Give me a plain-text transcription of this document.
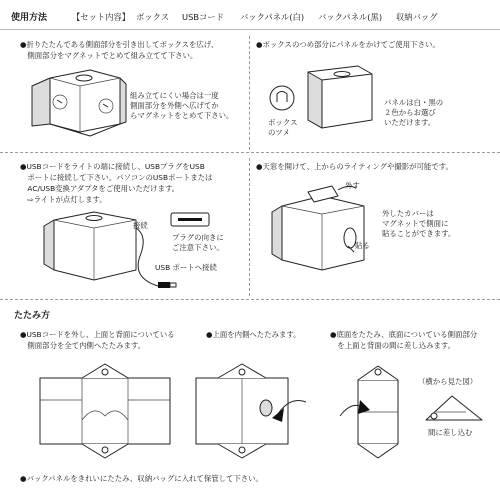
使用方法	【セット内容】 ボックス USBコード バックパネル(白) バックパネル(黒) 収納バッグ
●折りたたんである側面部分を引き出してボックスを広げ、
　側面部分をマグネットでとめて組み立てて下さい。
組み立てにくい場合は一度
側面部分を外側へ広げてか
らマグネットをとめて下さい。
●ボックスのつめ部分にパネルをかけてご使用下さい。
ボックス
のツメ
パネルは白・黒の
２色からお選び
いただけます。
●USBコードをライトの端に接続し、USBプラグをUSB
　ポートに接続して下さい。パソコンのUSBポートまたは
　AC/USB変換アダプタをご使用いただけます。
　⇨ライトが点灯します。
接続
プラグの向きに
ご注意下さい。
USB ポートへ接続
●天窓を開けて、上からのライティングや撮影が可能です。
外す
貼る
外したカバーは
マグネットで側面に
貼ることができます。
たたみ方
●USBコードを外し、上面と背面についている
　側面部分を全て内側へたたみます。
●上面を内側へたたみます。	●底面をたたみ、底面についている側面部分
　を上面と背面の間に差し込みます。
（横から見た図）
間に差し込む
●バックパネルをきれいにたたみ、収納バッグに入れて保管して下さい。
